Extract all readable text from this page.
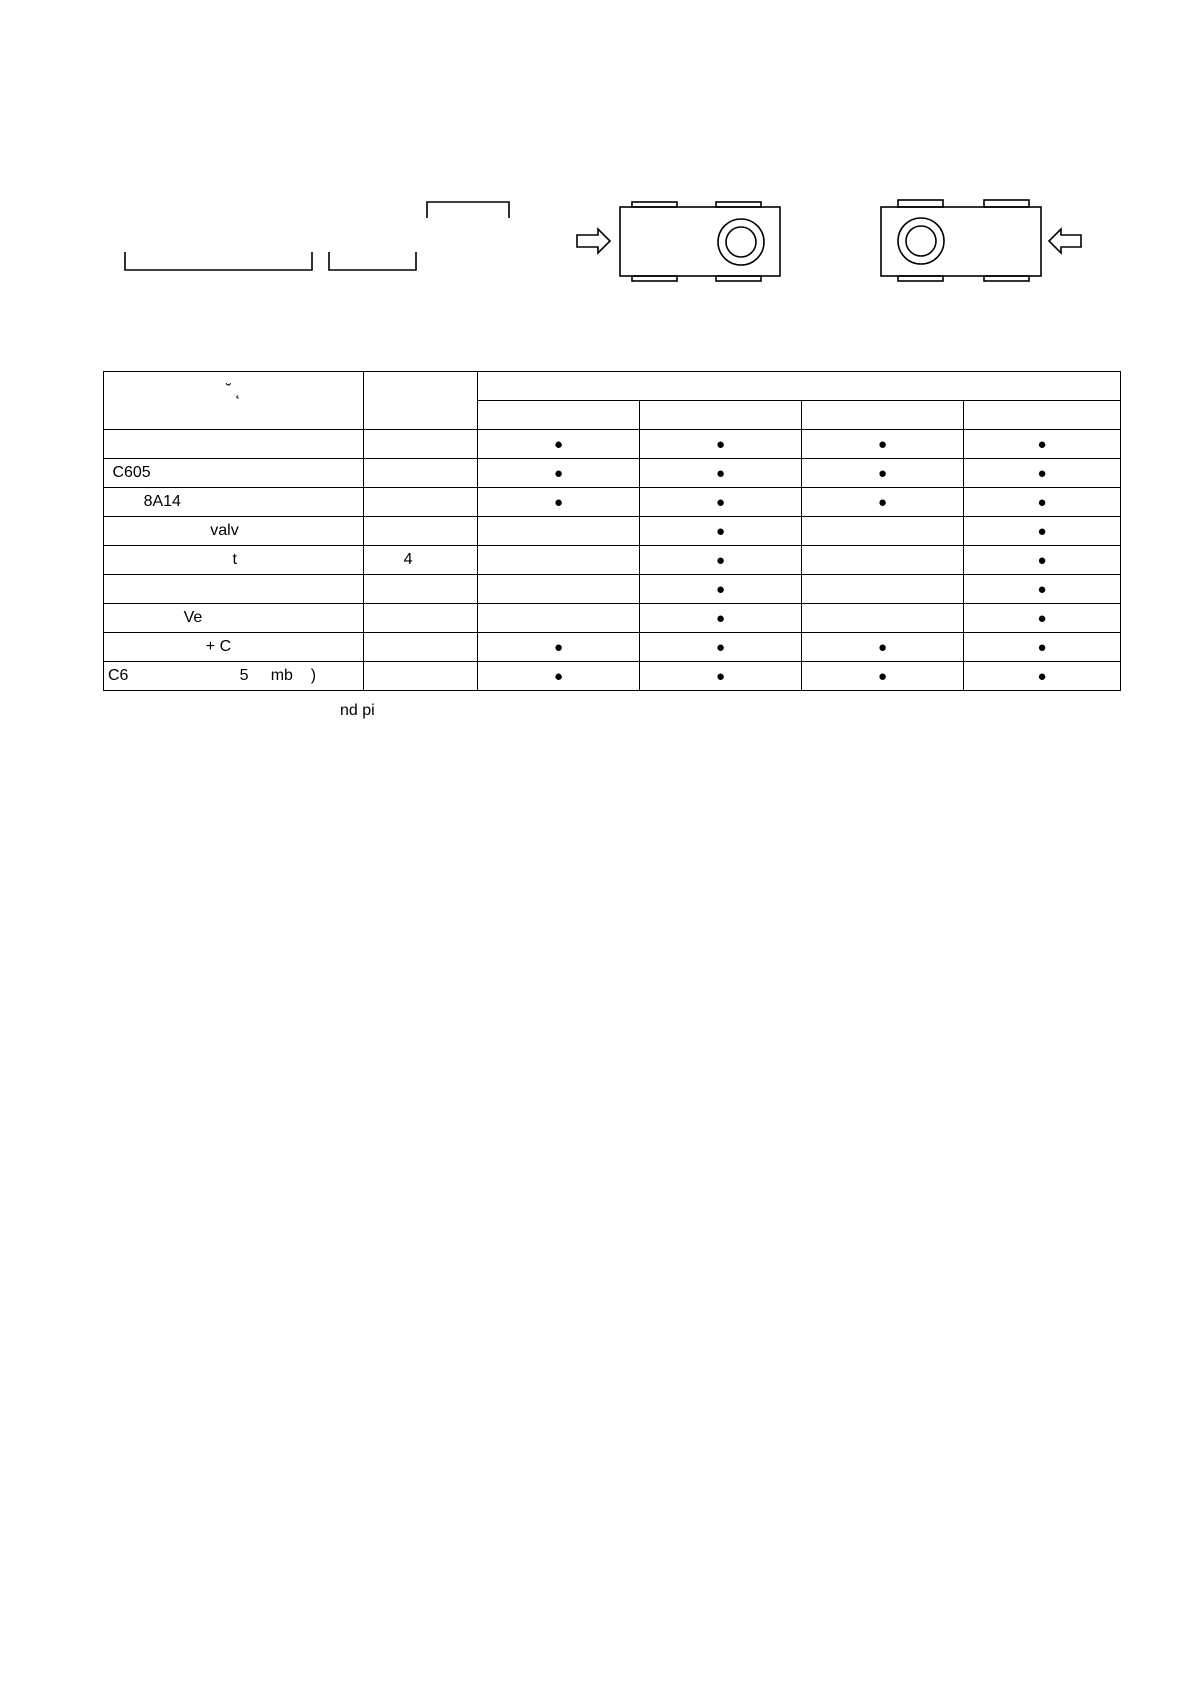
˘ ˛					

		●	●	●	●
C605		●	●	●	●
8A14		●	●	●	●
valv			●		●
t	4		●		●
			●		●
Ve			●		●
+ C		●	●	●	●
C6                         5     mb    )		●	●	●	●
nd pi
